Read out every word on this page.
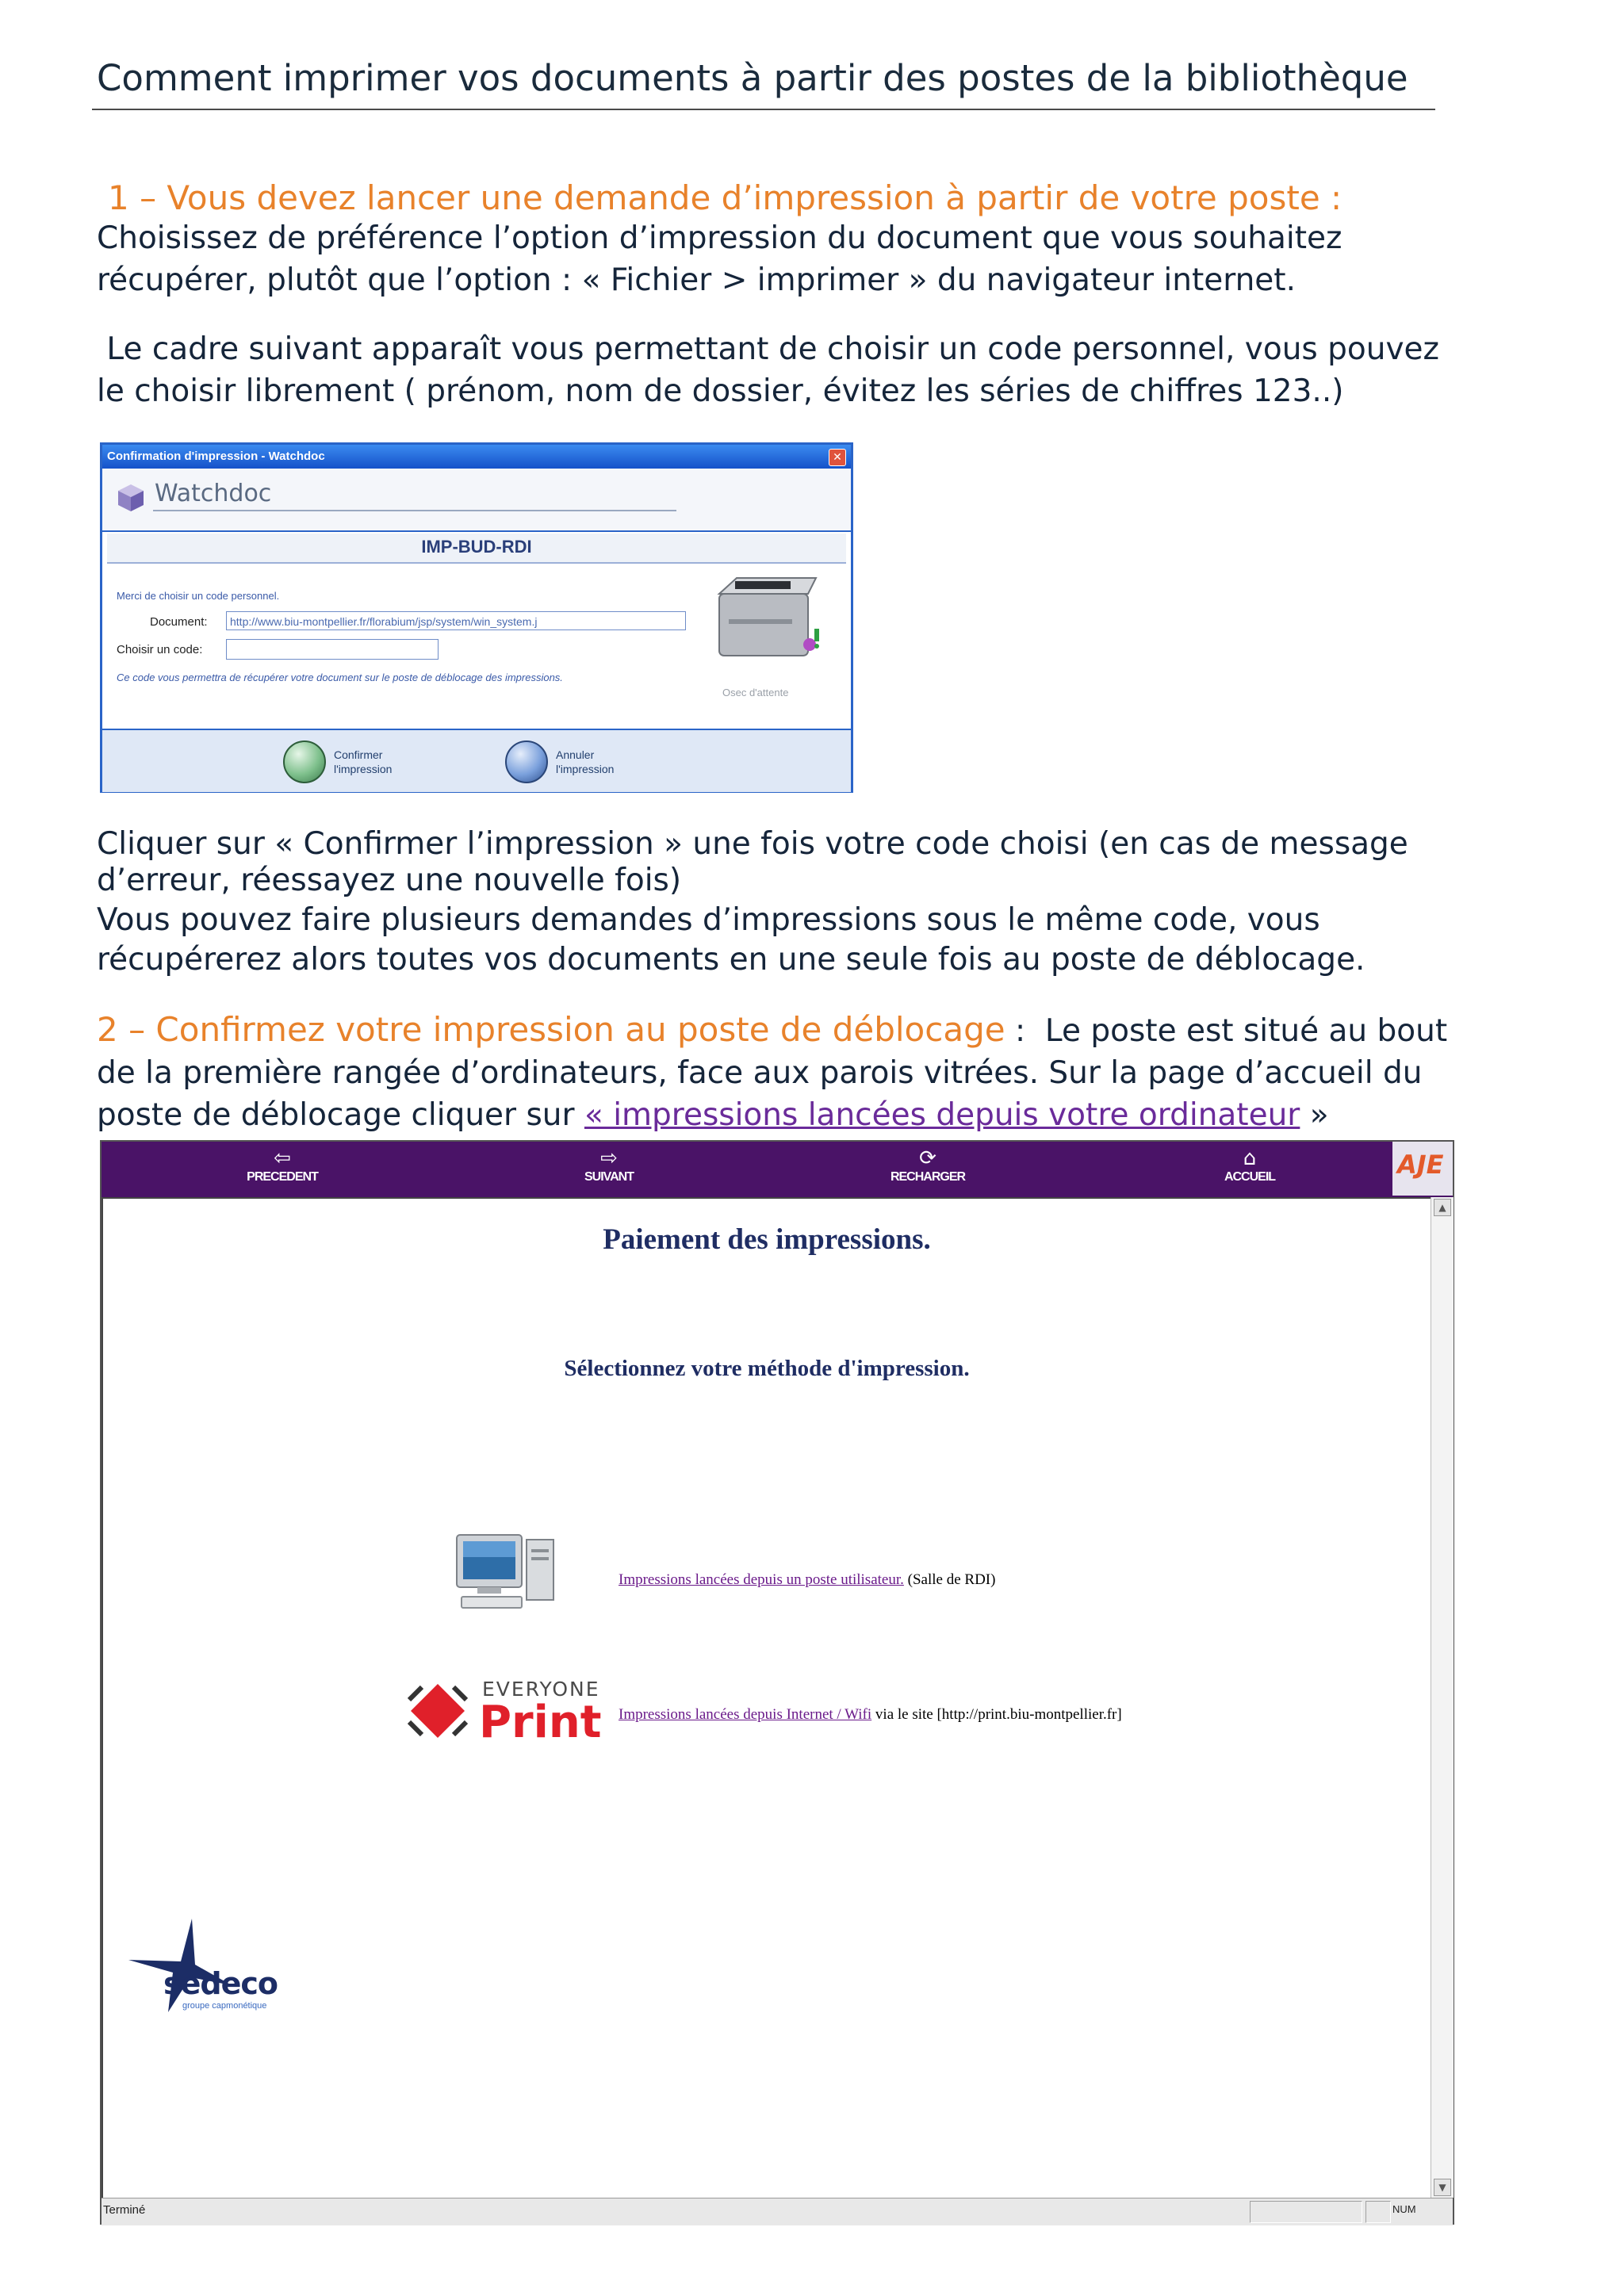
Comment imprimer vos documents à partir des postes de la bibliothèque
1 – Vous devez lancer une demande d’impression à partir de votre poste :
Choisissez de préférence l’option d’impression du document que vous souhaitez
récupérer, plutôt que l’option : « Fichier > imprimer » du navigateur internet.
Le cadre suivant apparaît vous permettant de choisir un code personnel, vous pouvez
le choisir librement ( prénom, nom de dossier, évitez les séries de chiffres 123..)
Confirmation d'impression - Watchdoc	✕
Watchdoc
IMP-BUD-RDI
Merci de choisir un code personnel.
Document:	http://www.biu-montpellier.fr/florabium/jsp/system/win_system.j
Choisir un code:
Ce code vous permettra de récupérer votre document sur le poste de déblocage des impressions.
Osec d'attente
Confirmer l'impression
Annuler l'impression
Cliquer sur « Confirmer l’impression » une fois votre code choisi (en cas de message
d’erreur, réessayez une nouvelle fois)
Vous pouvez faire plusieurs demandes d’impressions sous le même code, vous
récupérerez alors toutes vos documents en une seule fois au poste de déblocage.
2 – Confirmez votre impression au poste de déblocage :  Le poste est situé au bout
de la première rangée d’ordinateurs, face aux parois vitrées. Sur la page d’accueil du
poste de déblocage cliquer sur « impressions lancées depuis votre ordinateur »
⇦
PRECEDENT
⇨
SUIVANT
⟳
RECHARGER
⌂
ACCUEIL	AJE
Paiement des impressions.
Sélectionnez votre méthode d'impression.
Impressions lancées depuis un poste utilisateur. (Salle de RDI)
EVERYONE
Print Impressions lancées depuis Internet / Wifi via le site [http://print.biu-montpellier.fr]
sedeco
groupe capmonétique
▲
▼
Terminé	NUM
